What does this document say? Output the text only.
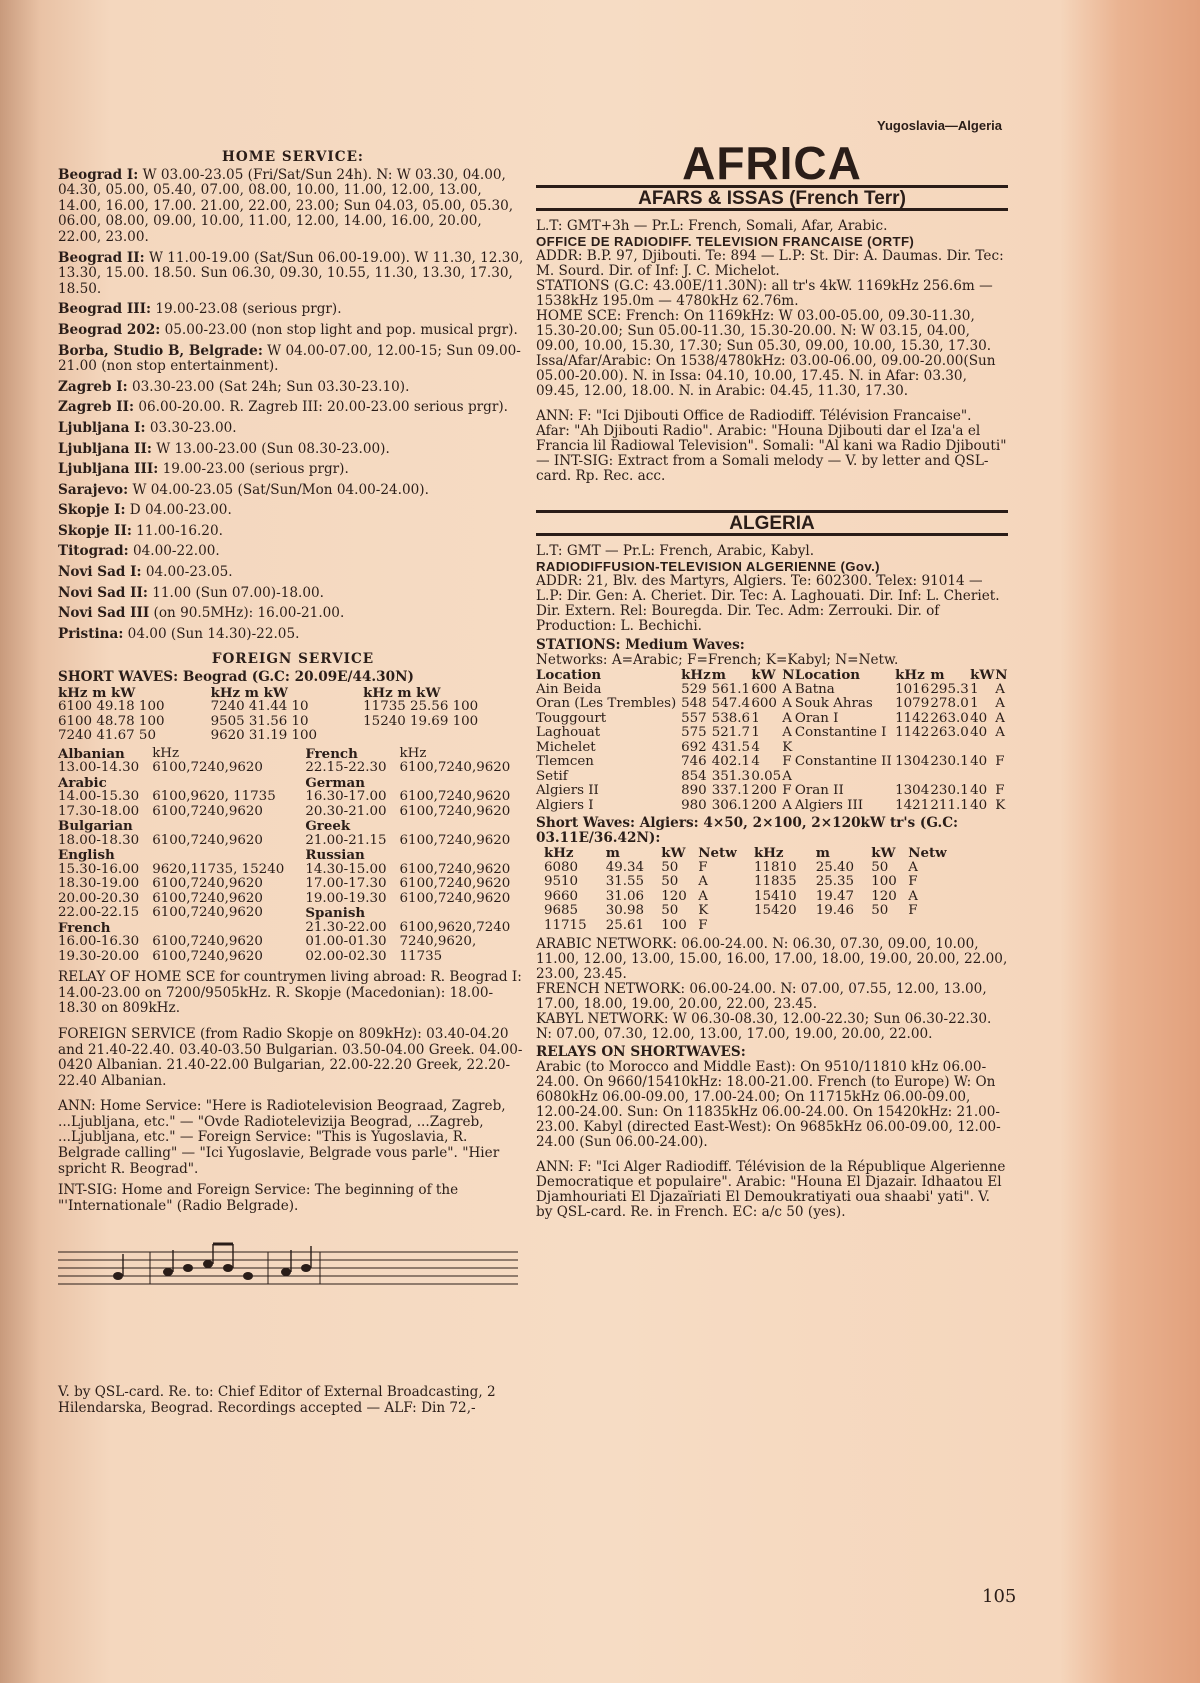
Yugoslavia—Algeria
HOME SERVICE:
Beograd I: W 03.00-23.05 (Fri/Sat/Sun 24h). N: W 03.30, 04.00, 04.30, 05.00, 05.40, 07.00, 08.00, 10.00, 11.00, 12.00, 13.00, 14.00, 16.00, 17.00. 21.00, 22.00, 23.00; Sun 04.03, 05.00, 05.30, 06.00, 08.00, 09.00, 10.00, 11.00, 12.00, 14.00, 16.00, 20.00, 22.00, 23.00.
Beograd II: W 11.00-19.00 (Sat/Sun 06.00-19.00). W 11.30, 12.30, 13.30, 15.00. 18.50. Sun 06.30, 09.30, 10.55, 11.30, 13.30, 17.30, 18.50.
Beograd III: 19.00-23.08 (serious prgr).
Beograd 202: 05.00-23.00 (non stop light and pop. musical prgr).
Borba, Studio B, Belgrade: W 04.00-07.00, 12.00-15; Sun 09.00-21.00 (non stop entertainment).
Zagreb I: 03.30-23.00 (Sat 24h; Sun 03.30-23.10).
Zagreb II: 06.00-20.00. R. Zagreb III: 20.00-23.00 serious prgr).
Ljubljana I: 03.30-23.00.
Ljubljana II: W 13.00-23.00 (Sun 08.30-23.00).
Ljubljana III: 19.00-23.00 (serious prgr).
Sarajevo: W 04.00-23.05 (Sat/Sun/Mon 04.00-24.00).
Skopje I: D 04.00-23.00.
Skopje II: 11.00-16.20.
Titograd: 04.00-22.00.
Novi Sad I: 04.00-23.05.
Novi Sad II: 11.00 (Sun 07.00)-18.00.
Novi Sad III (on 90.5MHz): 16.00-21.00.
Pristina: 04.00 (Sun 14.30)-22.05.
FOREIGN SERVICE
SHORT WAVES: Beograd (G.C: 20.09E/44.30N)
kHz m kW	kHz m kW	kHz m kW
6100 49.18 100	7240 41.44 10	11735 25.56 100
6100 48.78 100	9505 31.56 10	15240 19.69 100
7240 41.67 50	9620 31.19 100	
Albanian	kHz	French	kHz
13.00-14.30	6100,7240,9620	22.15-22.30	6100,7240,9620
Arabic		German	
14.00-15.30	6100,9620, 11735	16.30-17.00	6100,7240,9620
17.30-18.00	6100,7240,9620	20.30-21.00	6100,7240,9620
Bulgarian		Greek	
18.00-18.30	6100,7240,9620	21.00-21.15	6100,7240,9620
English		Russian	
15.30-16.00	9620,11735, 15240	14.30-15.00	6100,7240,9620
18.30-19.00	6100,7240,9620	17.00-17.30	6100,7240,9620
20.00-20.30	6100,7240,9620	19.00-19.30	6100,7240,9620
22.00-22.15	6100,7240,9620	Spanish	
French		21.30-22.00	6100,9620,7240
16.00-16.30	6100,7240,9620	01.00-01.30	7240,9620,
19.30-20.00	6100,7240,9620	02.00-02.30	11735
RELAY OF HOME SCE for countrymen living abroad: R. Beograd I: 14.00-23.00 on 7200/9505kHz. R. Skopje (Macedonian): 18.00-18.30 on 809kHz.
FOREIGN SERVICE (from Radio Skopje on 809kHz): 03.40-04.20 and 21.40-22.40. 03.40-03.50 Bulgarian. 03.50-04.00 Greek. 04.00-0420 Albanian. 21.40-22.00 Bulgarian, 22.00-22.20 Greek, 22.20-22.40 Albanian.
ANN: Home Service: "Here is Radiotelevision Beograad, Zagreb, ...Ljubljana, etc." — "Ovde Radiotelevizija Beograd, ...Zagreb, ...Ljubljana, etc." — Foreign Service: "This is Yugoslavia, R. Belgrade calling" — "Ici Yugoslavie, Belgrade vous parle". "Hier spricht R. Beograd".
INT-SIG: Home and Foreign Service: The beginning of the "'Internationale" (Radio Belgrade).
V. by QSL-card. Re. to: Chief Editor of External Broadcasting, 2 Hilendarska, Beograd. Recordings accepted — ALF: Din 72,-
AFRICA
AFARS & ISSAS (French Terr)
L.T: GMT+3h — Pr.L: French, Somali, Afar, Arabic.
OFFICE DE RADIODIFF. TELEVISION FRANCAISE (ORTF)
ADDR: B.P. 97, Djibouti. Te: 894 — L.P: St. Dir: A. Daumas. Dir. Tec: M. Sourd. Dir. of Inf: J. C. Michelot.
STATIONS (G.C: 43.00E/11.30N): all tr's 4kW. 1169kHz 256.6m — 1538kHz 195.0m — 4780kHz 62.76m.
HOME SCE: French: On 1169kHz: W 03.00-05.00, 09.30-11.30, 15.30-20.00; Sun 05.00-11.30, 15.30-20.00. N: W 03.15, 04.00, 09.00, 10.00, 15.30, 17.30; Sun 05.30, 09.00, 10.00, 15.30, 17.30.
Issa/Afar/Arabic: On 1538/4780kHz: 03.00-06.00, 09.00-20.00(Sun 05.00-20.00). N. in Issa: 04.10, 10.00, 17.45. N. in Afar: 03.30, 09.45, 12.00, 18.00. N. in Arabic: 04.45, 11.30, 17.30.
ANN: F: "Ici Djibouti Office de Radiodiff. Télévision Francaise". Afar: "Ah Djibouti Radio". Arabic: "Houna Djibouti dar el Iza'a el Francia lil Radiowal Television". Somali: "Al kani wa Radio Djibouti" — INT-SIG: Extract from a Somali melody — V. by letter and QSL-card. Rp. Rec. acc.
ALGERIA
L.T: GMT — Pr.L: French, Arabic, Kabyl.
RADIODIFFUSION-TELEVISION ALGERIENNE (Gov.)
ADDR: 21, Blv. des Martyrs, Algiers. Te: 602300. Telex: 91014 — L.P: Dir. Gen: A. Cheriet. Dir. Tec: A. Laghouati. Dir. Inf: L. Cheriet. Dir. Extern. Rel: Bouregda. Dir. Tec. Adm: Zerrouki. Dir. of Production: L. Bechichi.
STATIONS: Medium Waves:
Networks: A=Arabic; F=French; K=Kabyl; N=Netw.
Location	kHz	m	kW	N	Location	kHz	m	kW	N
Ain Beida	529	561.1	600	A	Batna	1016	295.3	1	A
Oran (Les Trembles)	548	547.4	600	A	Souk Ahras	1079	278.0	1	A
Touggourt	557	538.6	1	A	Oran I	1142	263.0	40	A
Laghouat	575	521.7	1	A	Constantine I	1142	263.0	40	A
Michelet	692	431.5	4	K					
Tlemcen	746	402.1	4	F	Constantine II	1304	230.1	40	F
Setif	854	351.3	0.05	A					
Algiers II	890	337.1	200	F	Oran II	1304	230.1	40	F
Algiers I	980	306.1	200	A	Algiers III	1421	211.1	40	K
Short Waves: Algiers: 4×50, 2×100, 2×120kW tr's (G.C: 03.11E/36.42N):
kHz	m	kW	Netw	kHz	m	kW	Netw
6080	49.34	50	F	11810	25.40	50	A
9510	31.55	50	A	11835	25.35	100	F
9660	31.06	120	A	15410	19.47	120	A
9685	30.98	50	K	15420	19.46	50	F
11715	25.61	100	F				
ARABIC NETWORK: 06.00-24.00. N: 06.30, 07.30, 09.00, 10.00, 11.00, 12.00, 13.00, 15.00, 16.00, 17.00, 18.00, 19.00, 20.00, 22.00, 23.00, 23.45.
FRENCH NETWORK: 06.00-24.00. N: 07.00, 07.55, 12.00, 13.00, 17.00, 18.00, 19.00, 20.00, 22.00, 23.45.
KABYL NETWORK: W 06.30-08.30, 12.00-22.30; Sun 06.30-22.30. N: 07.00, 07.30, 12.00, 13.00, 17.00, 19.00, 20.00, 22.00.
RELAYS ON SHORTWAVES:
Arabic (to Morocco and Middle East): On 9510/11810 kHz 06.00-24.00. On 9660/15410kHz: 18.00-21.00. French (to Europe) W: On 6080kHz 06.00-09.00, 17.00-24.00; On 11715kHz 06.00-09.00, 12.00-24.00. Sun: On 11835kHz 06.00-24.00. On 15420kHz: 21.00-23.00. Kabyl (directed East-West): On 9685kHz 06.00-09.00, 12.00-24.00 (Sun 06.00-24.00).
ANN: F: "Ici Alger Radiodiff. Télévision de la République Algerienne Democratique et populaire". Arabic: "Houna El Djazair. Idhaatou El Djamhouriati El Djazaïriati El Demoukratiyati oua shaabi' yati". V. by QSL-card. Re. in French. EC: a/c 50 (yes).
105
